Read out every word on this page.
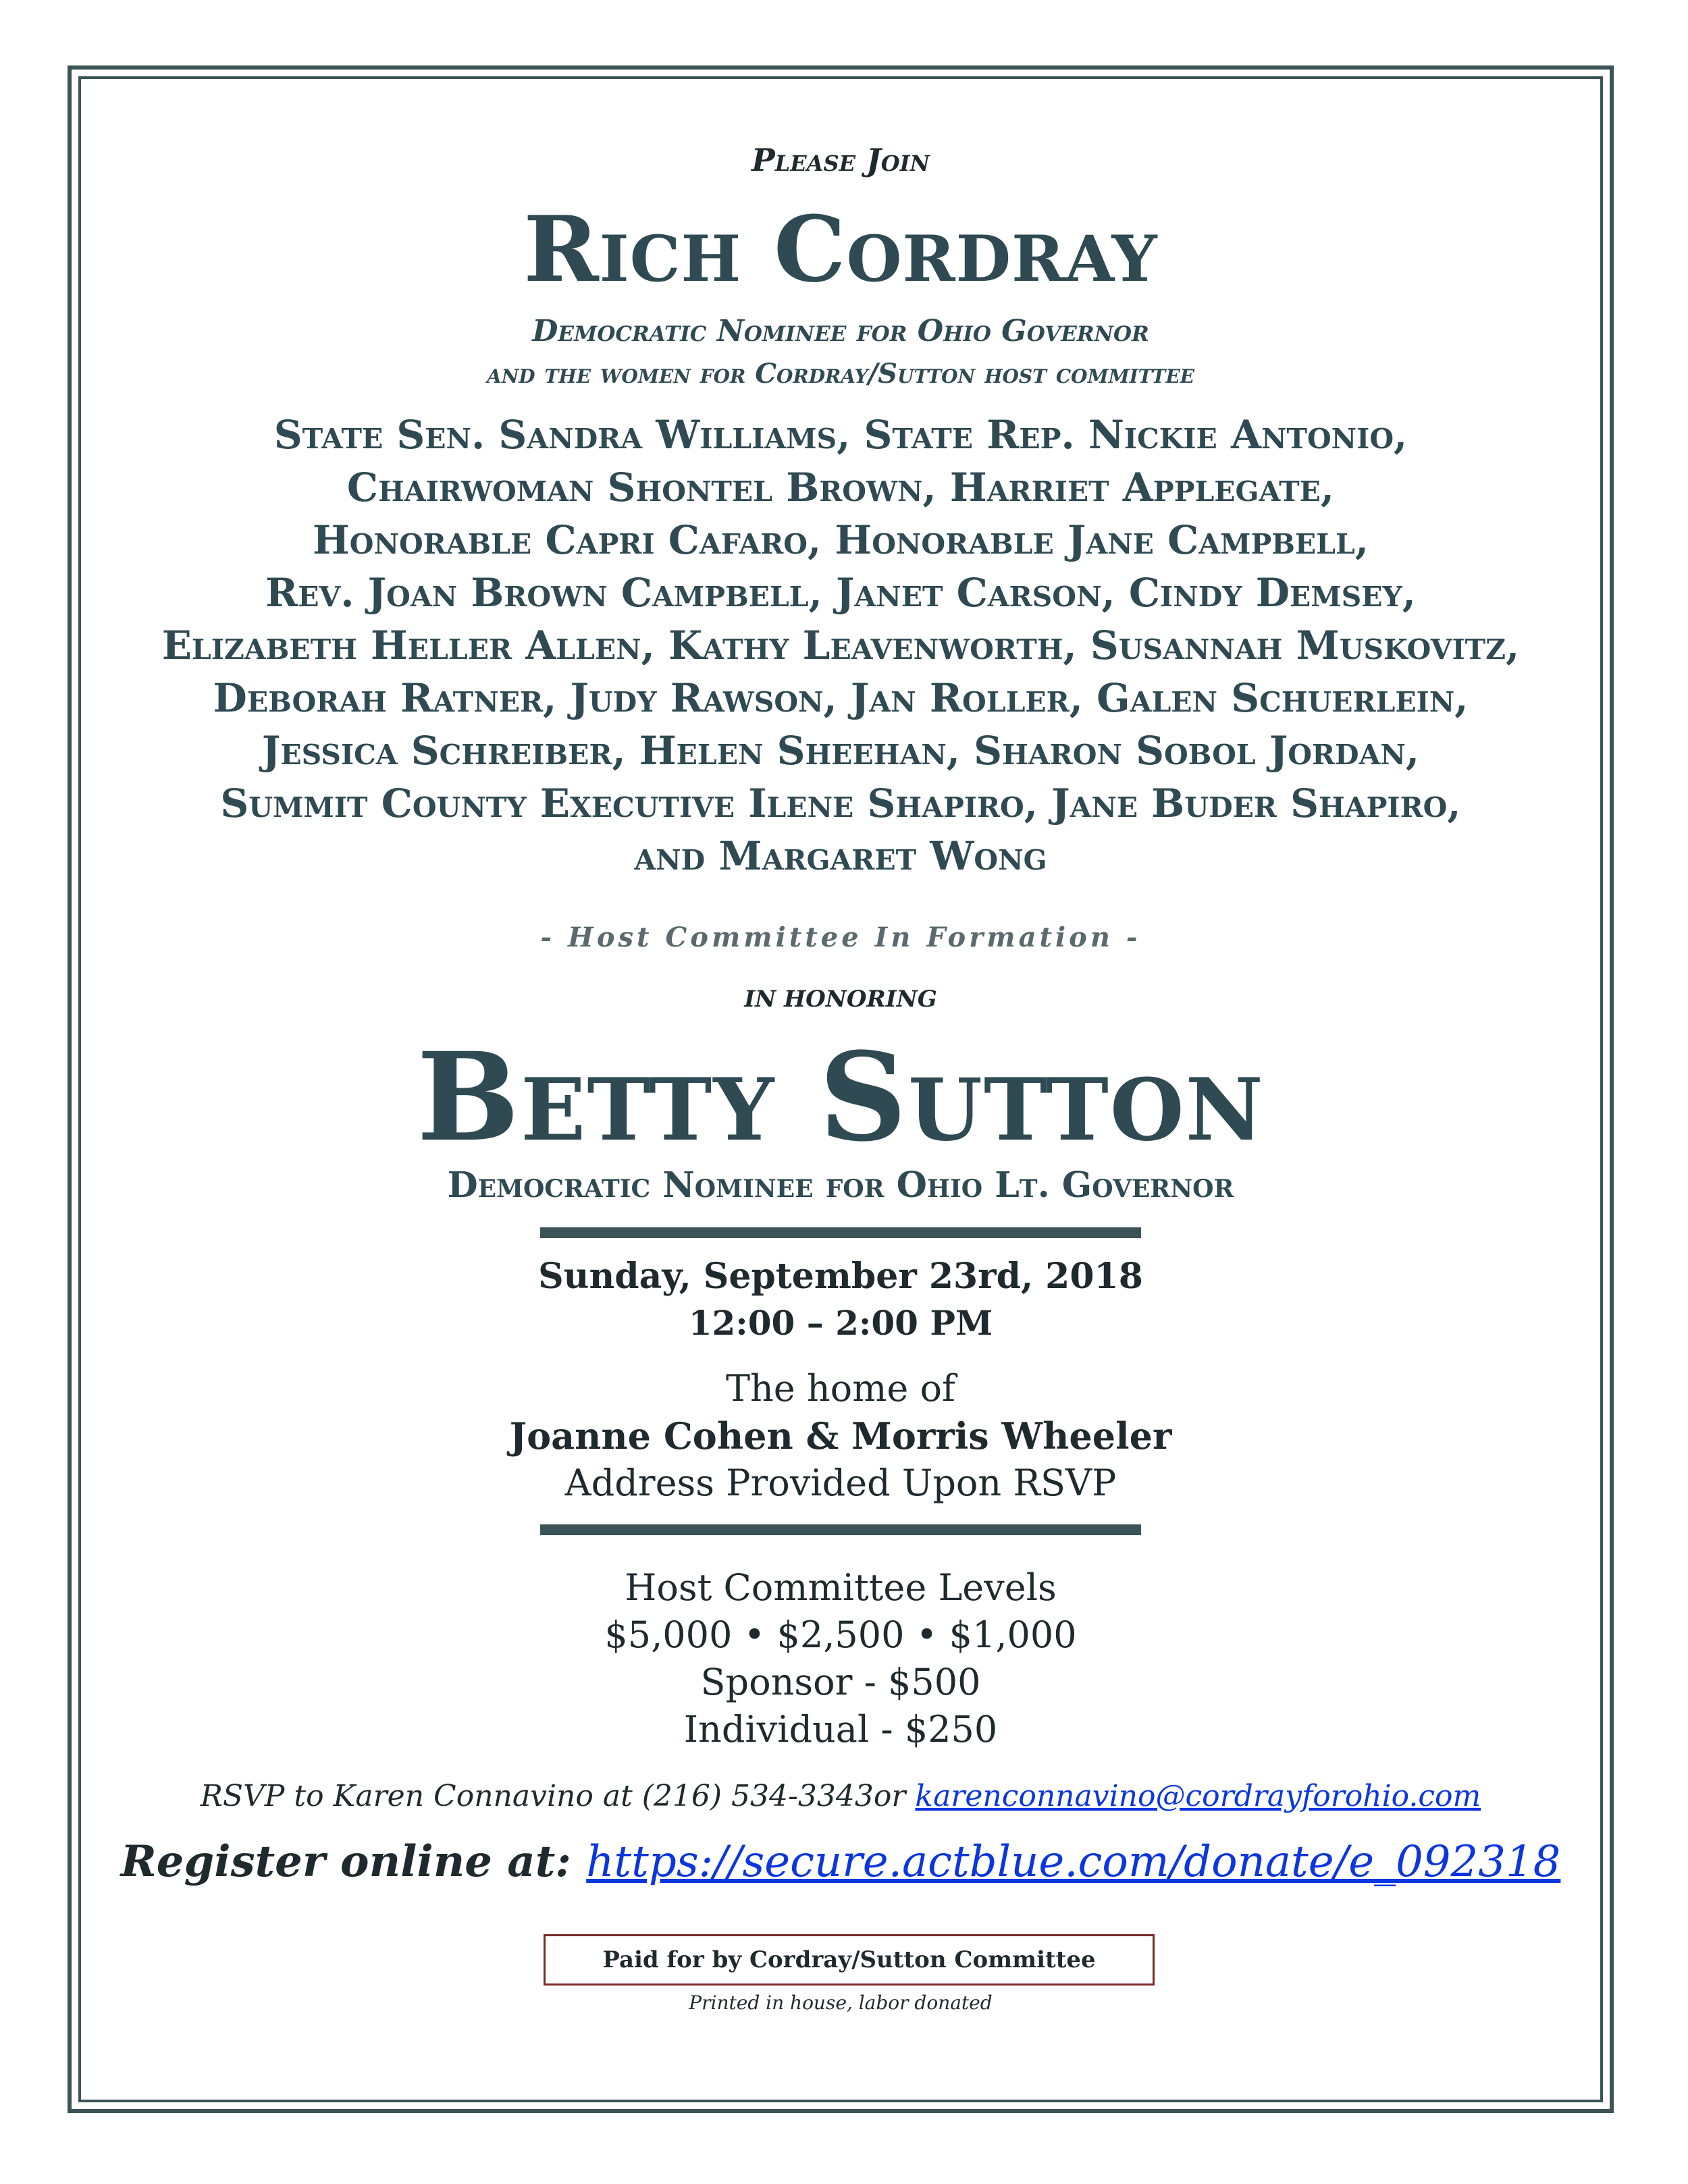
Please Join
Rich Cordray
Democratic Nominee for Ohio Governor
and the women for Cordray/Sutton host committee
State Sen. Sandra Williams, State Rep. Nickie Antonio,
Chairwoman Shontel Brown, Harriet Applegate,
Honorable Capri Cafaro, Honorable Jane Campbell,
Rev. Joan Brown Campbell, Janet Carson, Cindy Demsey,
Elizabeth Heller Allen, Kathy Leavenworth, Susannah Muskovitz,
Deborah Ratner, Judy Rawson, Jan Roller, Galen Schuerlein,
Jessica Schreiber, Helen Sheehan, Sharon Sobol Jordan,
Summit County Executive Ilene Shapiro, Jane Buder Shapiro,
and Margaret Wong
- Host Committee In Formation -
IN HONORING
Betty Sutton
Democratic Nominee for Ohio Lt. Governor
Sunday, September 23rd, 2018
12:00 – 2:00 PM
The home of
Joanne Cohen & Morris Wheeler
Address Provided Upon RSVP
Host Committee Levels
$5,000 • $2,500 • $1,000
Sponsor - $500
Individual - $250
RSVP to Karen Connavino at (216) 534-3343or karenconnavino@cordrayforohio.com
Register online at: https://secure.actblue.com/donate/e_092318
Paid for by Cordray/Sutton Committee
Printed in house, labor donated
